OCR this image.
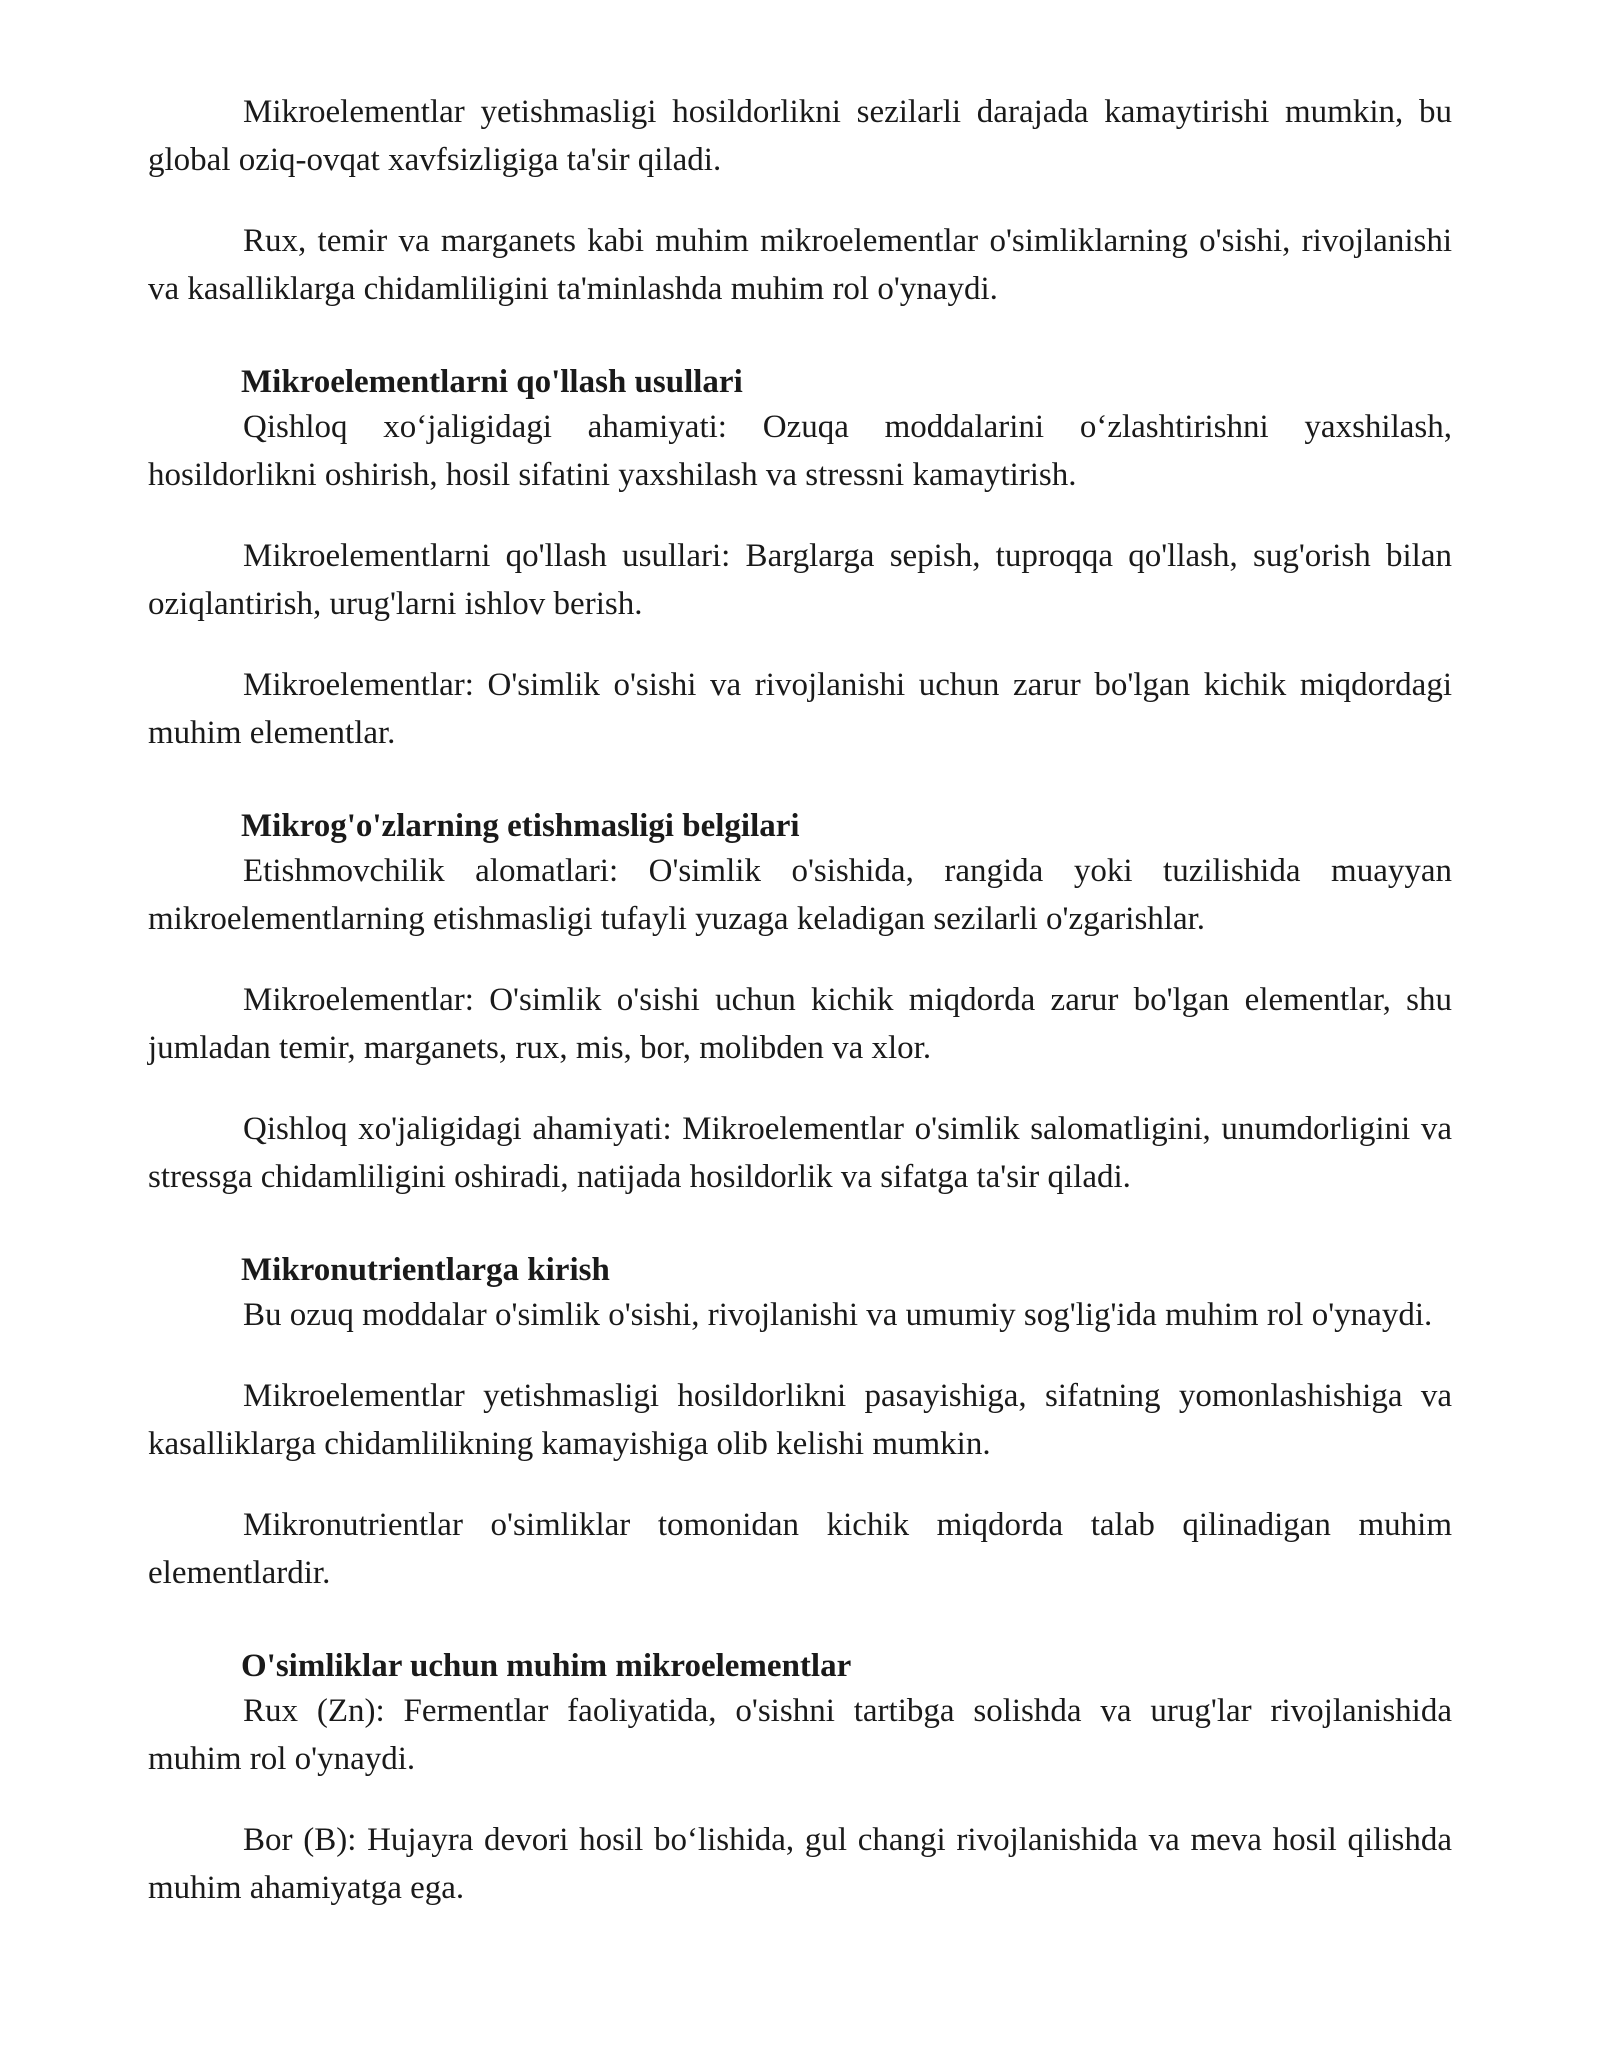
Mikroelementlar yetishmasligi hosildorlikni sezilarli darajada kamaytirishi mumkin, bu global oziq-ovqat xavfsizligiga ta'sir qiladi.

Rux, temir va marganets kabi muhim mikroelementlar o'simliklarning o'sishi, rivojlanishi va kasalliklarga chidamliligini ta'minlashda muhim rol o'ynaydi.

Mikroelementlarni qo'llash usullari

Qishloq xo‘jaligidagi ahamiyati: Ozuqa moddalarini o‘zlashtirishni yaxshilash, hosildorlikni oshirish, hosil sifatini yaxshilash va stressni kamaytirish.

Mikroelementlarni qo'llash usullari: Barglarga sepish, tuproqqa qo'llash, sug'orish bilan oziqlantirish, urug'larni ishlov berish.

Mikroelementlar: O'simlik o'sishi va rivojlanishi uchun zarur bo'lgan kichik miqdordagi muhim elementlar.

Mikrog'o'zlarning etishmasligi belgilari

Etishmovchilik alomatlari: O'simlik o'sishida, rangida yoki tuzilishida muayyan mikroelementlarning etishmasligi tufayli yuzaga keladigan sezilarli o'zgarishlar.

Mikroelementlar: O'simlik o'sishi uchun kichik miqdorda zarur bo'lgan elementlar, shu jumladan temir, marganets, rux, mis, bor, molibden va xlor.

Qishloq xo'jaligidagi ahamiyati: Mikroelementlar o'simlik salomatligini, unumdorligini va stressga chidamliligini oshiradi, natijada hosildorlik va sifatga ta'sir qiladi.

Mikronutrientlarga kirish

Bu ozuq moddalar o'simlik o'sishi, rivojlanishi va umumiy sog'lig'ida muhim rol o'ynaydi.

Mikroelementlar yetishmasligi hosildorlikni pasayishiga, sifatning yomonlashishiga va kasalliklarga chidamlilikning kamayishiga olib kelishi mumkin.

Mikronutrientlar o'simliklar tomonidan kichik miqdorda talab qilinadigan muhim elementlardir.

O'simliklar uchun muhim mikroelementlar

Rux (Zn): Fermentlar faoliyatida, o'sishni tartibga solishda va urug'lar rivojlanishida muhim rol o'ynaydi.

Bor (B): Hujayra devori hosil bo‘lishida, gul changi rivojlanishida va meva hosil qilishda muhim ahamiyatga ega.
